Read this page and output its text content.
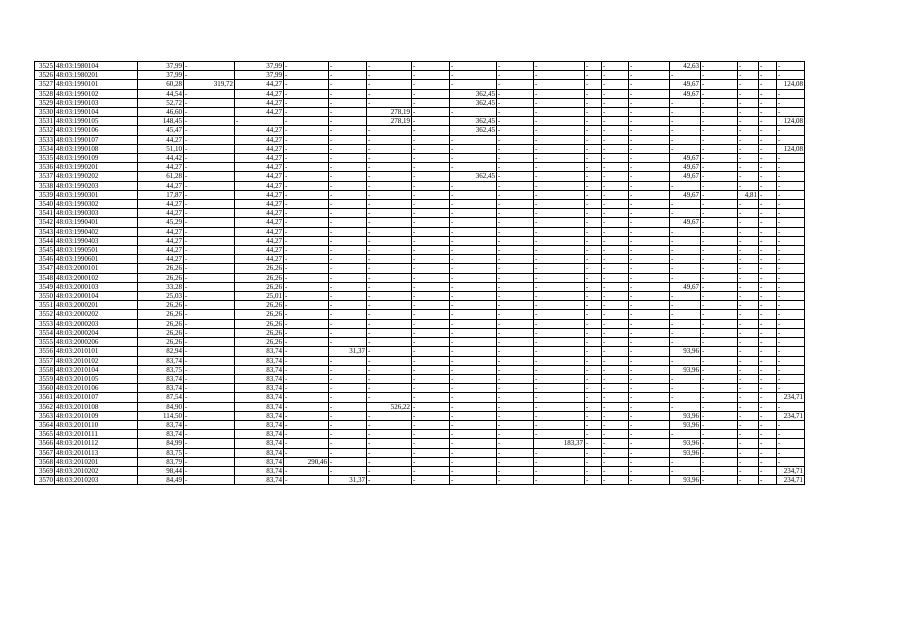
3525	48:03:1980104	37,99	-	37,99	-	-	-	-	-	-	-	-	-	-	42,63	-	-	-	-
3526	48:03:1980201	37,99	-	37,99	-	-	-	-	-	-	-	-	-	-	-	-	-	-	-
3527	48:03:1990101	60,28	319,72	44,27	-	-	-	-	-	-	-	-	-	-	49,67	-	-	-	124,08
3528	48:03:1990102	44,54	-	44,27	-	-	-	-	362,45	-	-	-	-	-	49,67	-	-	-	-
3529	48:03:1990103	52,72	-	44,27	-	-	-	-	362,45	-	-	-	-	-	-	-	-	-	-
3530	48:03:1990104	46,60	-	44,27	-	-	278,19	-	-	-	-	-	-	-	-	-	-	-	-
3531	48:03:1990105	148,45	-	-	-	-	278,19	-	362,45	-	-	-	-	-	-	-	-	-	124,08
3532	48:03:1990106	45,47	-	44,27	-	-	-	-	362,45	-	-	-	-	-	-	-	-	-	-
3533	48:03:1990107	44,27	-	44,27	-	-	-	-	-	-	-	-	-	-	-	-	-	-	-
3534	48:03:1990108	51,10	-	44,27	-	-	-	-	-	-	-	-	-	-	-	-	-	-	124,08
3535	48:03:1990109	44,42	-	44,27	-	-	-	-	-	-	-	-	-	-	49,67	-	-	-	-
3536	48:03:1990201	44,27	-	44,27	-	-	-	-	-	-	-	-	-	-	49,67	-	-	-	-
3537	48:03:1990202	61,28	-	44,27	-	-	-	-	362,45	-	-	-	-	-	49,67	-	-	-	-
3538	48:03:1990203	44,27	-	44,27	-	-	-	-	-	-	-	-	-	-	-	-	-	-	-
3539	48:03:1990301	17,87	-	44,27	-	-	-	-	-	-	-	-	-	-	49,67	-	4,81	-	-
3540	48:03:1990302	44,27	-	44,27	-	-	-	-	-	-	-	-	-	-	-	-	-	-	-
3541	48:03:1990303	44,27	-	44,27	-	-	-	-	-	-	-	-	-	-	-	-	-	-	-
3542	48:03:1990401	45,29	-	44,27	-	-	-	-	-	-	-	-	-	-	49,67	-	-	-	-
3543	48:03:1990402	44,27	-	44,27	-	-	-	-	-	-	-	-	-	-	-	-	-	-	-
3544	48:03:1990403	44,27	-	44,27	-	-	-	-	-	-	-	-	-	-	-	-	-	-	-
3545	48:03:1990501	44,27	-	44,27	-	-	-	-	-	-	-	-	-	-	-	-	-	-	-
3546	48:03:1990601	44,27	-	44,27	-	-	-	-	-	-	-	-	-	-	-	-	-	-	-
3547	48:03:2000101	26,26	-	26,26	-	-	-	-	-	-	-	-	-	-	-	-	-	-	-
3548	48:03:2000102	26,26	-	26,26	-	-	-	-	-	-	-	-	-	-	-	-	-	-	-
3549	48:03:2000103	33,28	-	26,26	-	-	-	-	-	-	-	-	-	-	49,67	-	-	-	-
3550	48:03:2000104	25,03	-	25,01	-	-	-	-	-	-	-	-	-	-	-	-	-	-	-
3551	48:03:2000201	26,26	-	26,26	-	-	-	-	-	-	-	-	-	-	-	-	-	-	-
3552	48:03:2000202	26,26	-	26,26	-	-	-	-	-	-	-	-	-	-	-	-	-	-	-
3553	48:03:2000203	26,26	-	26,26	-	-	-	-	-	-	-	-	-	-	-	-	-	-	-
3554	48:03:2000204	26,26	-	26,26	-	-	-	-	-	-	-	-	-	-	-	-	-	-	-
3555	48:03:2000206	26,26	-	26,26	-	-	-	-	-	-	-	-	-	-	-	-	-	-	-
3556	48:03:2010101	82,94	-	83,74	-	31,37	-	-	-	-	-	-	-	-	93,96	-	-	-	-
3557	48:03:2010102	83,74	-	83,74	-	-	-	-	-	-	-	-	-	-	-	-	-	-	-
3558	48:03:2010104	83,75	-	83,74	-	-	-	-	-	-	-	-	-	-	93,96	-	-	-	-
3559	48:03:2010105	83,74	-	83,74	-	-	-	-	-	-	-	-	-	-	-	-	-	-	-
3560	48:03:2010106	83,74	-	83,74	-	-	-	-	-	-	-	-	-	-	-	-	-	-	-
3561	48:03:2010107	87,54	-	83,74	-	-	-	-	-	-	-	-	-	-	-	-	-	-	234,71
3562	48:03:2010108	84,90	-	83,74	-	-	526,22	-	-	-	-	-	-	-	-	-	-	-	-
3563	48:03:2010109	114,50	-	83,74	-	-	-	-	-	-	-	-	-	-	93,96	-	-	-	234,71
3564	48:03:2010110	83,74	-	83,74	-	-	-	-	-	-	-	-	-	-	93,96	-	-	-	-
3565	48:03:2010111	83,74	-	83,74	-	-	-	-	-	-	-	-	-	-	-	-	-	-	-
3566	48:03:2010112	84,99	-	83,74	-	-	-	-	-	-	183,37	-	-	-	93,96	-	-	-	-
3567	48:03:2010113	83,75	-	83,74	-	-	-	-	-	-	-	-	-	-	93,96	-	-	-	-
3568	48:03:2010201	83,79	-	83,74	290,46	-	-	-	-	-	-	-	-	-	-	-	-	-	-
3569	48:03:2010202	98,44	-	83,74	-	-	-	-	-	-	-	-	-	-	-	-	-	-	234,71
3570	48:03:2010203	84,49	-	83,74	-	31,37	-	-	-	-	-	-	-	-	93,96	-	-	-	234,71
